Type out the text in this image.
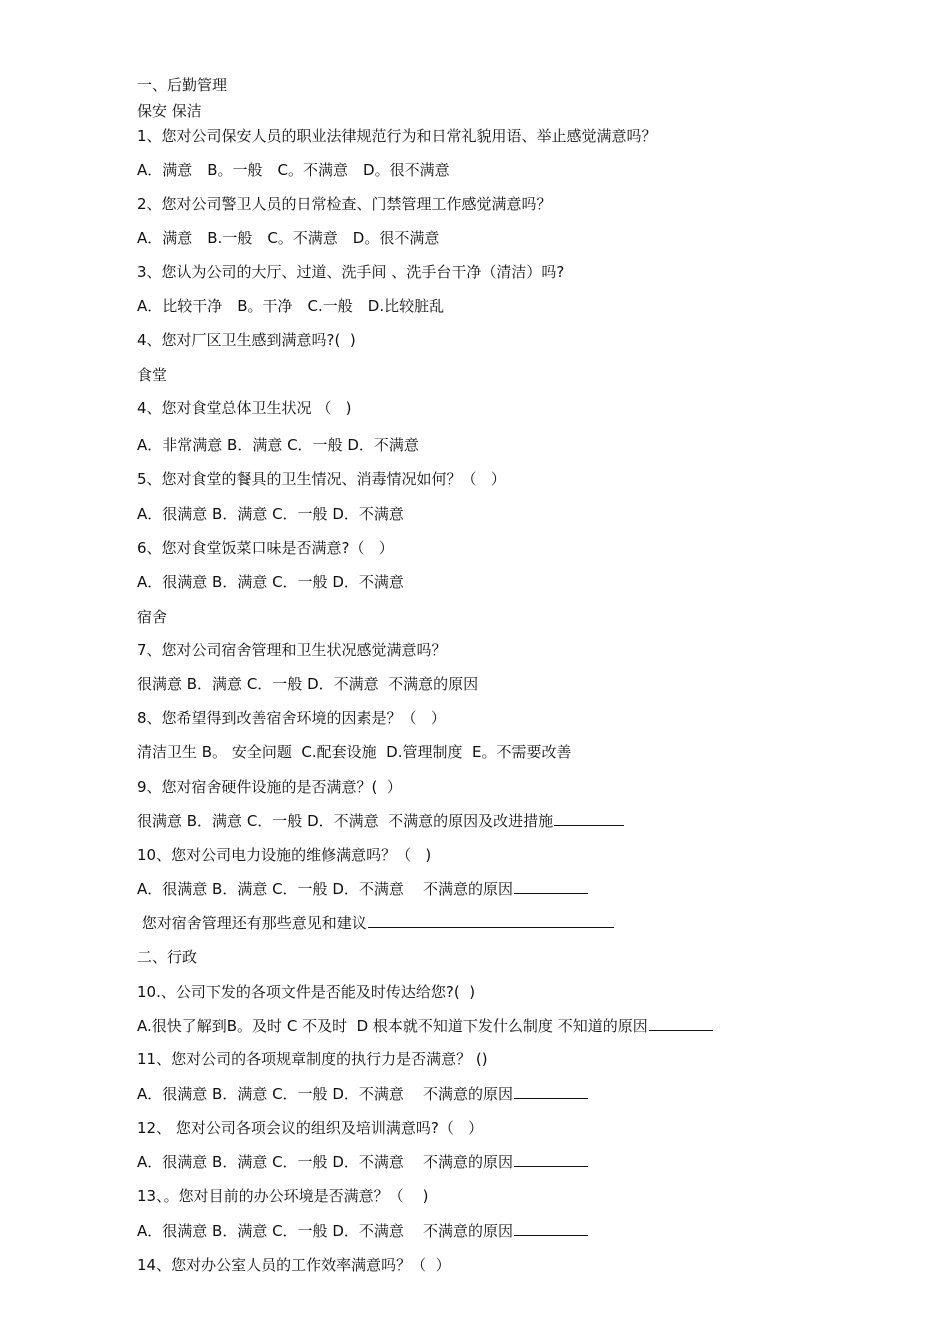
一、后勤管理
保安 保洁
1、您对公司保安人员的职业法律规范行为和日常礼貌用语、举止感觉满意吗？
A．满意　B。一般　C。不满意　D。很不满意
2、您对公司警卫人员的日常检查、门禁管理工作感觉满意吗？
A．满意　B.一般　C。不满意　D。很不满意
3、您认为公司的大厅、过道、洗手间 、洗手台干净（清洁）吗?
A．比较干净　B。干净　C.一般　D.比较脏乱
4、您对厂区卫生感到满意吗?(  )
食堂
4、您对食堂总体卫生状况 （   )
A．非常满意 B．满意 C．一般 D．不满意
5、您对食堂的餐具的卫生情况、消毒情况如何？（   ）
A．很满意 B．满意 C．一般 D．不满意
6、您对食堂饭菜口味是否满意?（   ）
A．很满意 B．满意 C．一般 D．不满意
宿舍
7、您对公司宿舍管理和卫生状况感觉满意吗？
很满意 B．满意 C．一般 D．不满意  不满意的原因
8、您希望得到改善宿舍环境的因素是？（   ）
清洁卫生 B。 安全问题  C.配套设施  D.管理制度  E。不需要改善
9、您对宿舍硬件设施的是否满意？(  ）
很满意 B．满意 C．一般 D．不满意  不满意的原因及改进措施
10、您对公司电力设施的维修满意吗？（   )
A．很满意 B．满意 C．一般 D．不满意    不满意的原因
您对宿舍管理还有那些意见和建议
二、行政
10.、公司下发的各项文件是否能及时传达给您?(  )
A.很快了解到B。及时 C 不及时  D 根本就不知道下发什么制度 不知道的原因
11、您对公司的各项规章制度的执行力是否满意？ ()
A．很满意 B．满意 C．一般 D．不满意    不满意的原因
12、 您对公司各项会议的组织及培训满意吗?（   ）
A．很满意 B．满意 C．一般 D．不满意    不满意的原因
13、。您对目前的办公环境是否满意？（    )
A．很满意 B．满意 C．一般 D．不满意    不满意的原因
14、您对办公室人员的工作效率满意吗？（  ）
